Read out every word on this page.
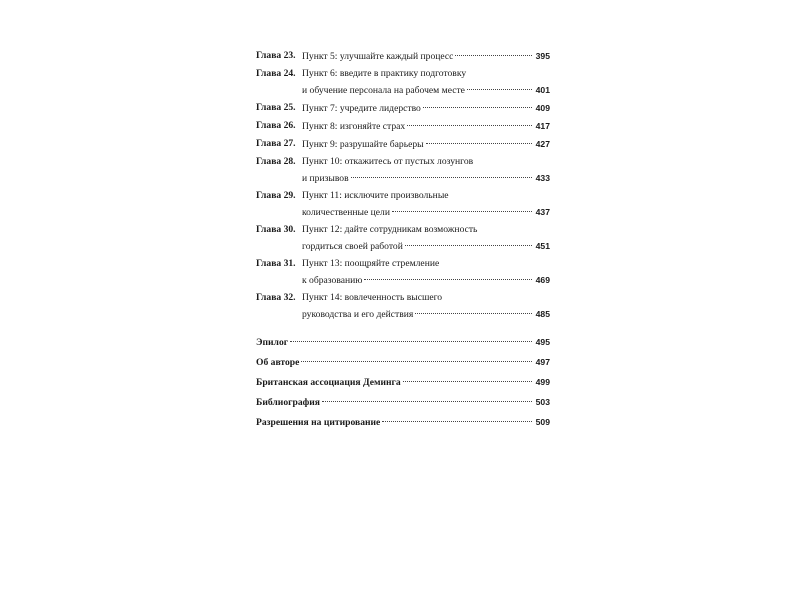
Глава 23. Пункт 5: улучшайте каждый процесс	395
Глава 24. Пункт 6: введите в практику подготовку
и обучение персонала на рабочем месте	401
Глава 25. Пункт 7: учредите лидерство	409
Глава 26. Пункт 8: изгоняйте страх	417
Глава 27. Пункт 9: разрушайте барьеры	427
Глава 28. Пункт 10: откажитесь от пустых лозунгов
и призывов	433
Глава 29. Пункт 11: исключите произвольные
количественные цели	437
Глава 30. Пункт 12: дайте сотрудникам возможность
гордиться своей работой	451
Глава 31. Пункт 13: поощряйте стремление
к образованию	469
Глава 32. Пункт 14: вовлеченность высшего
руководства и его действия	485
Эпилог	495
Об авторе	497
Британская ассоциация Деминга	499
Библиография	503
Разрешения на цитирование	509
